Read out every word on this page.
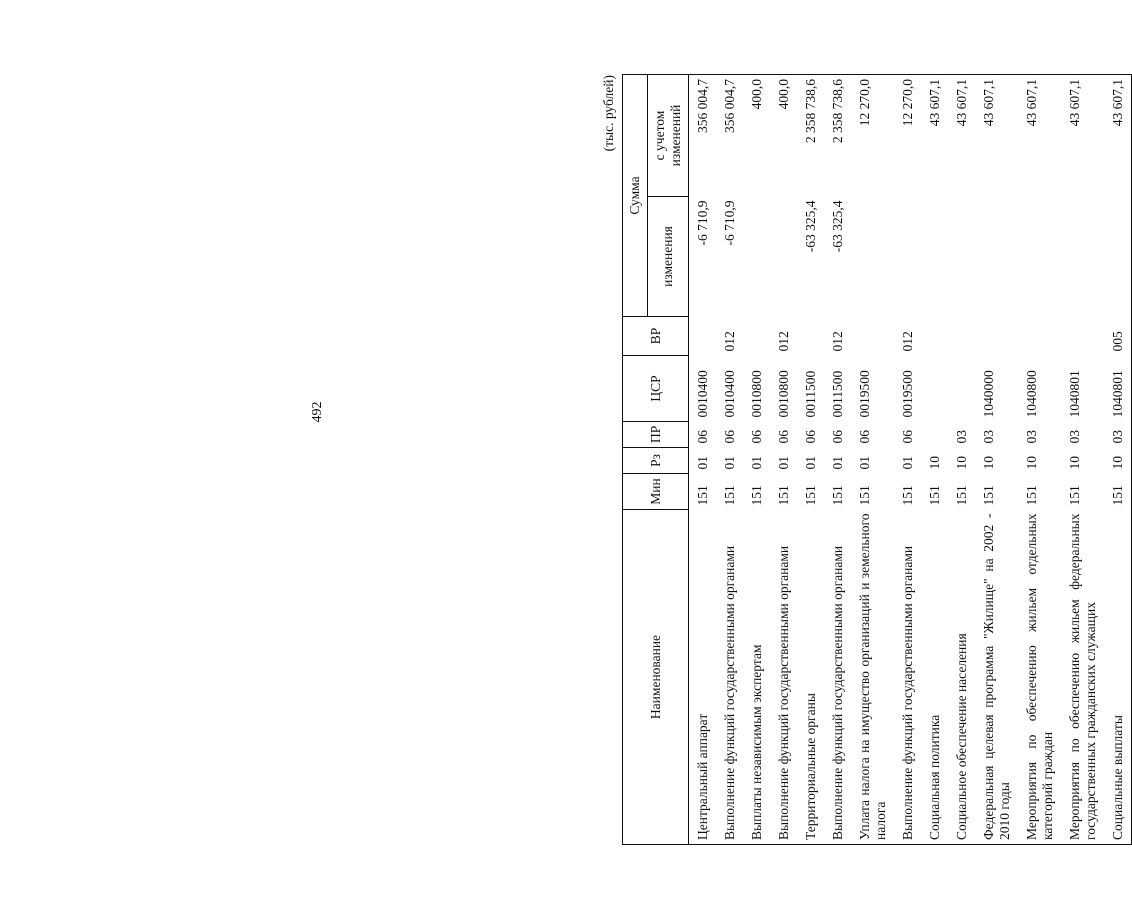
492
(тыс. рублей)
Наименование	Мин	Рз	ПР	ЦСР	ВР	Сумма	
						изменения	с учетом изменений
Центральный аппарат	151	01	06	0010400		-6 710,9	356 004,7
Выполнение функций государственными органами	151	01	06	0010400	012	-6 710,9	356 004,7
Выплаты независимым экспертам	151	01	06	0010800			400,0
Выполнение функций государственными органами	151	01	06	0010800	012		400,0
Территориальные органы	151	01	06	0011500		-63 325,4	2 358 738,6
Выполнение функций государственными органами	151	01	06	0011500	012	-63 325,4	2 358 738,6
Уплата налога на имущество организаций и земельного налога	151	01	06	0019500			12 270,0
Выполнение функций государственными органами	151	01	06	0019500	012		12 270,0
Социальная политика	151	10					43 607,1
Социальное обеспечение населения	151	10	03				43 607,1
Федеральная целевая программа "Жилище" на 2002 - 2010 годы	151	10	03	1040000			43 607,1
Мероприятия по обеспечению жильем отдельных категорий граждан	151	10	03	1040800			43 607,1
Мероприятия по обеспечению жильем федеральных государственных гражданских служащих	151	10	03	1040801			43 607,1
Социальные выплаты	151	10	03	1040801	005		43 607,1
